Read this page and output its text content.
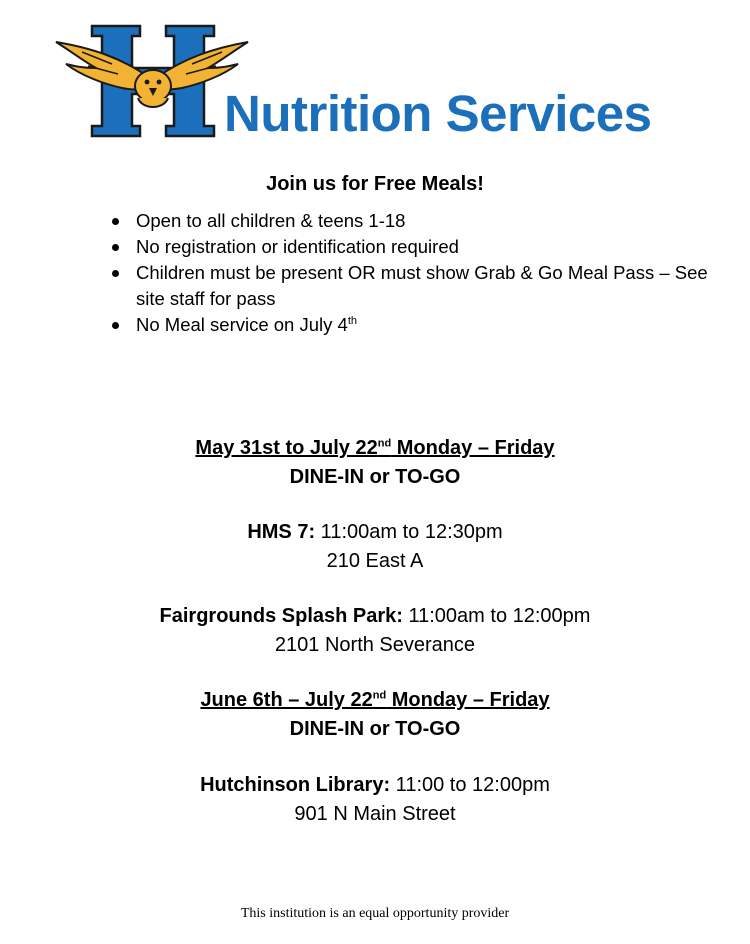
Nutrition Services
Join us for Free Meals!
Open to all children & teens 1-18
No registration or identification required
Children must be present OR must show Grab & Go Meal Pass – See site staff for pass
No Meal service on July 4th
May 31st to July 22nd Monday – Friday
DINE-IN or TO-GO
HMS 7: 11:00am to 12:30pm
210 East A
Fairgrounds Splash Park: 11:00am to 12:00pm
2101 North Severance
June 6th – July 22nd Monday – Friday
DINE-IN or TO-GO
Hutchinson Library: 11:00 to 12:00pm
901 N Main Street
This institution is an equal opportunity provider
